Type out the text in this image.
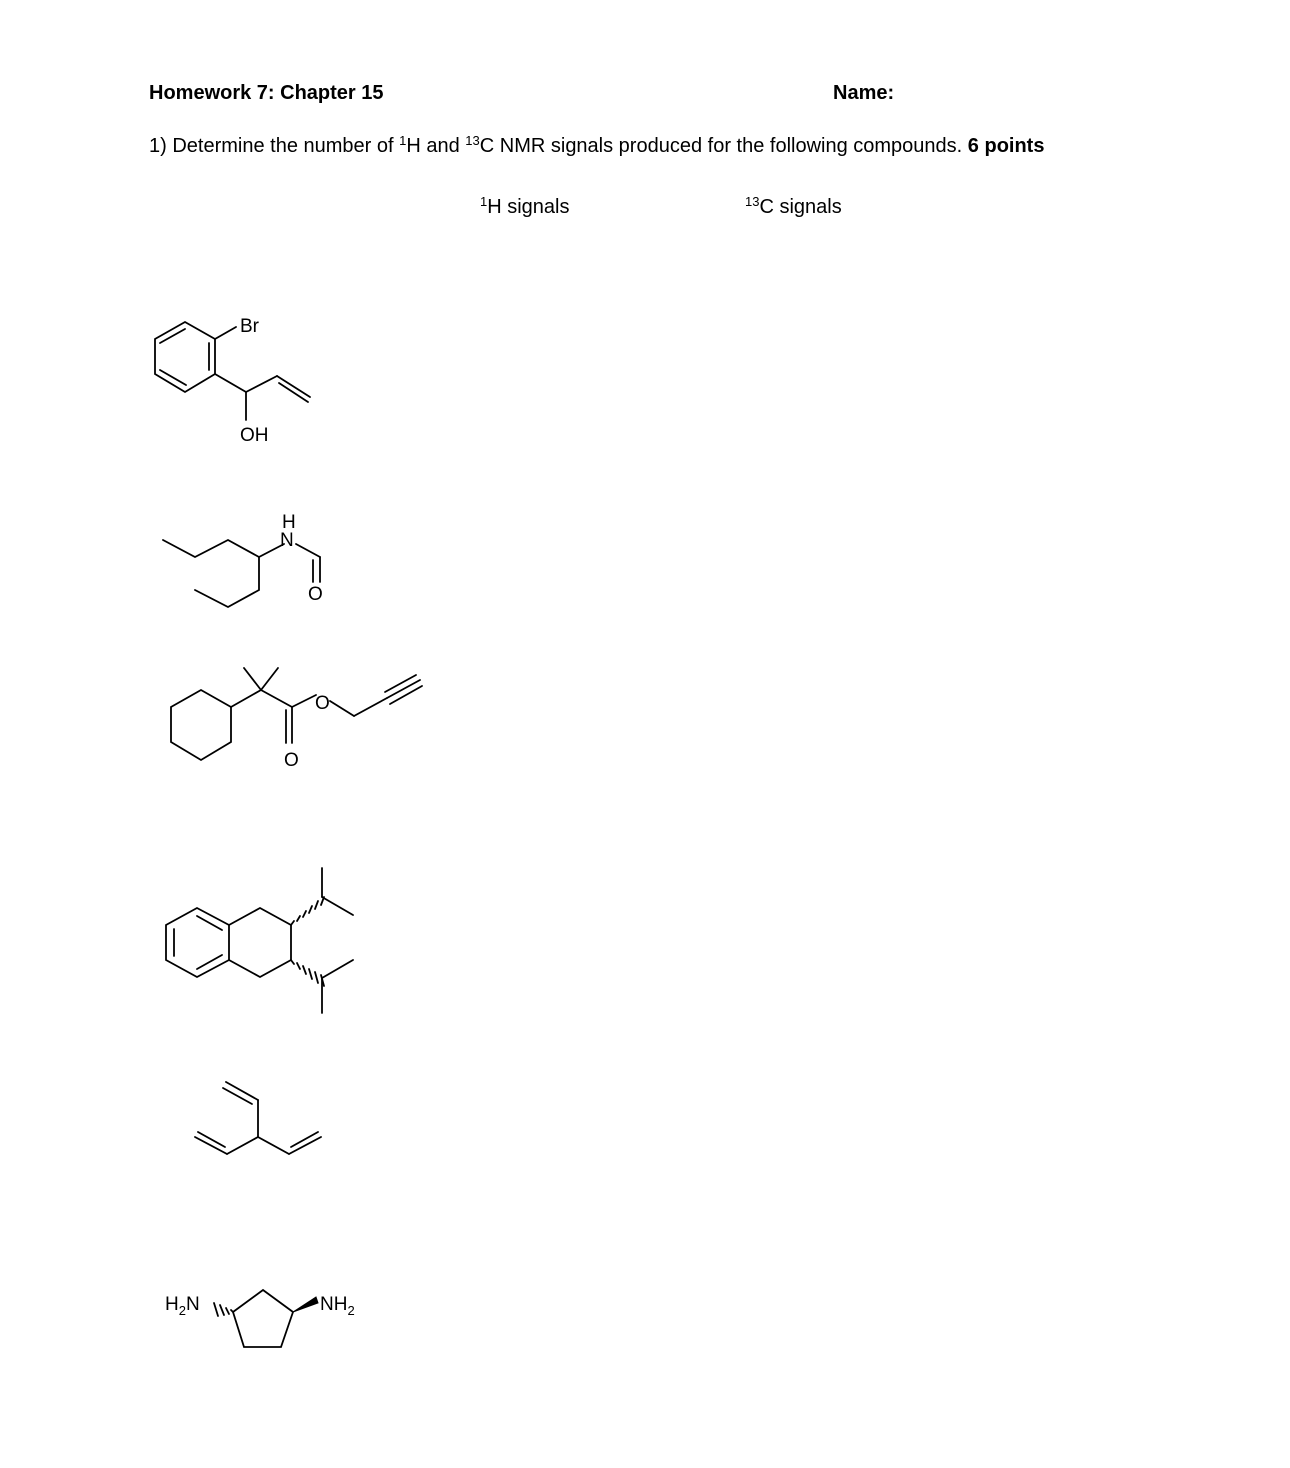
Homework 7: Chapter 15	Name:
1) Determine the number of $^1$H and $^{13}$C NMR signals produced for the following compounds. 6 points
$^1$H signals	$^{13}$C signals
Br
OH
H
N
O
O
O
$H_2N$	$NH_2$
